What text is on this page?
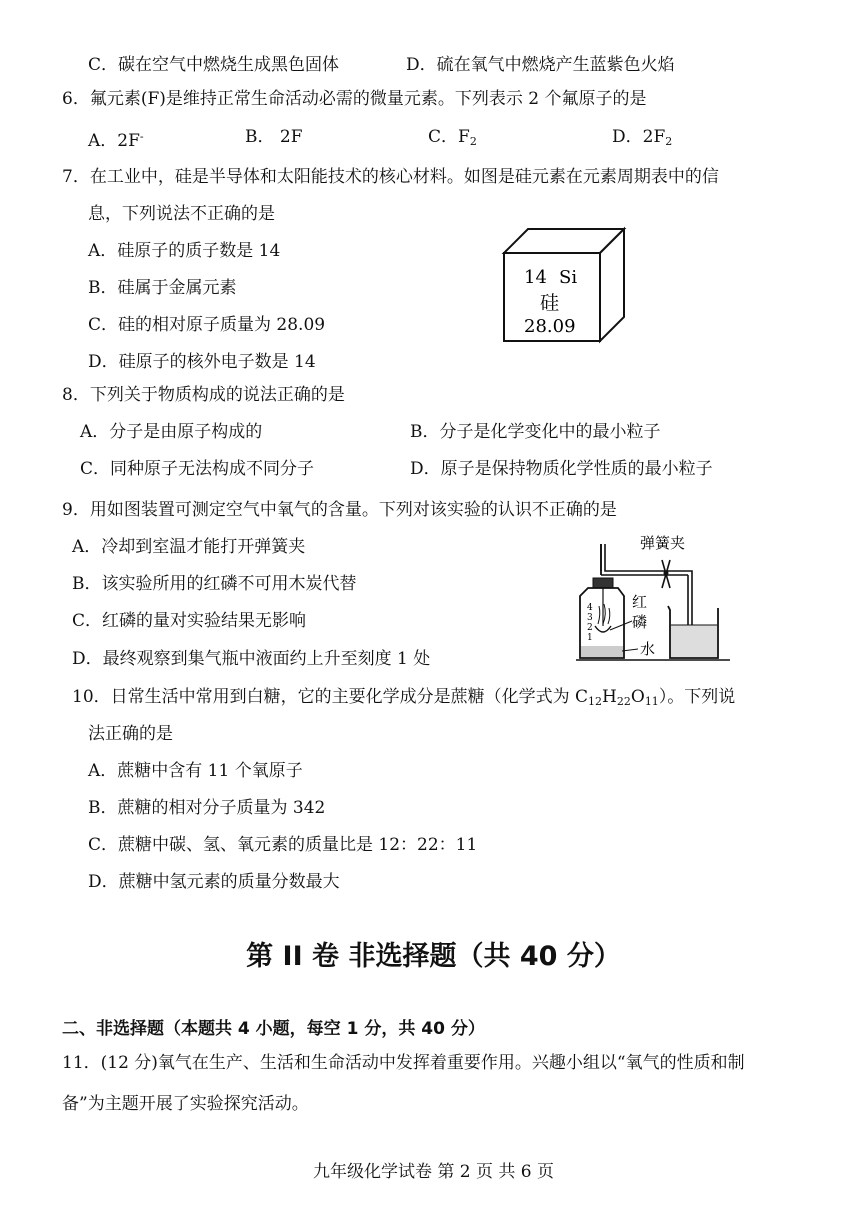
C．碳在空气中燃烧生成黑色固体	D．硫在氧气中燃烧产生蓝紫色火焰
6．氟元素(F)是维持正常生命活动必需的微量元素。下列表示 2 个氟原子的是
A．2F-	B． 2F	C．$F_2$	D．$2F_2$
7．在工业中，硅是半导体和太阳能技术的核心材料。如图是硅元素在元素周期表中的信
息，下列说法不正确的是
A．硅原子的质子数是 14
B．硅属于金属元素
C．硅的相对原子质量为 28.09
D．硅原子的核外电子数是 14
14 Si
硅
28.09
8．下列关于物质构成的说法正确的是
A．分子是由原子构成的	B．分子是化学变化中的最小粒子
C．同种原子无法构成不同分子	D．原子是保持物质化学性质的最小粒子
9．用如图装置可测定空气中氧气的含量。下列对该实验的认识不正确的是
A．冷却到室温才能打开弹簧夹
B．该实验所用的红磷不可用木炭代替
C．红磷的量对实验结果无影响
D．最终观察到集气瓶中液面约上升至刻度 1 处
弹簧夹
4
3
2
1
红
磷
水
10．日常生活中常用到白糖，它的主要化学成分是蔗糖（化学式为 $C_{12}H_{22}O_{11}$）。下列说
法正确的是
A．蔗糖中含有 11 个氧原子
B．蔗糖的相对分子质量为 342
C．蔗糖中碳、氢、氧元素的质量比是 12：22：11
D．蔗糖中氢元素的质量分数最大
第 II 卷 非选择题（共 40 分）
二、非选择题（本题共 4 小题，每空 1 分，共 40 分）
11．(12 分)氧气在生产、生活和生命活动中发挥着重要作用。兴趣小组以“氧气的性质和制
备”为主题开展了实验探究活动。
九年级化学试卷 第 2 页 共 6 页
